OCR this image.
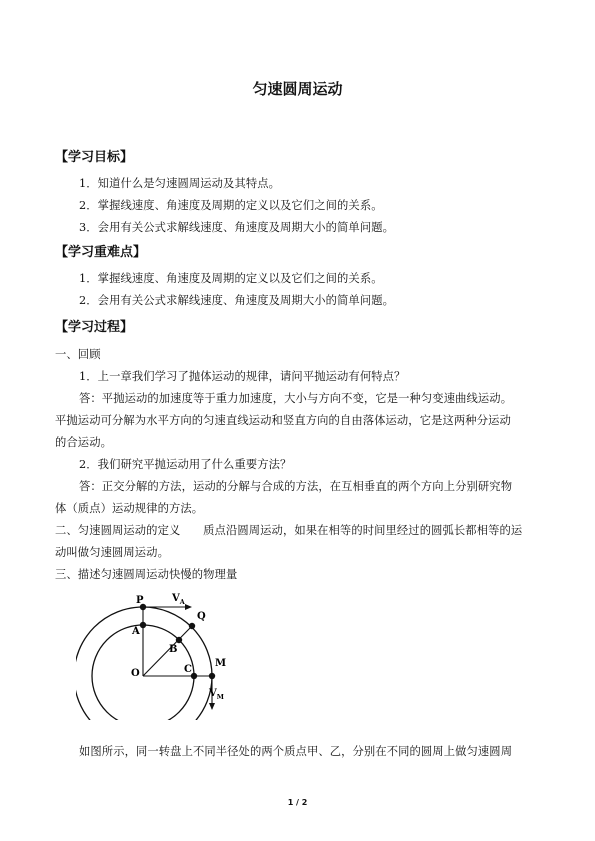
匀速圆周运动
【学习目标】
1．知道什么是匀速圆周运动及其特点。
2．掌握线速度、角速度及周期的定义以及它们之间的关系。
3．会用有关公式求解线速度、角速度及周期大小的简单问题。
【学习重难点】
1．掌握线速度、角速度及周期的定义以及它们之间的关系。
2．会用有关公式求解线速度、角速度及周期大小的简单问题。
【学习过程】
一、回顾
1．上一章我们学习了抛体运动的规律，请问平抛运动有何特点？
答：平抛运动的加速度等于重力加速度，大小与方向不变，它是一种匀变速曲线运动。
平抛运动可分解为水平方向的匀速直线运动和竖直方向的自由落体运动，它是这两种分运动
的合运动。
2．我们研究平抛运动用了什么重要方法？
答：正交分解的方法，运动的分解与合成的方法，在互相垂直的两个方向上分别研究物
体（质点）运动规律的方法。
二、匀速圆周运动的定义　　质点沿圆周运动，如果在相等的时间里经过的圆弧长都相等的运
动叫做匀速圆周运动。
三、描述匀速圆周运动快慢的物理量
P	$V_A$
Q
A
B
C
M
O
$V_M$
如图所示，同一转盘上不同半径处的两个质点甲、乙，分别在不同的圆周上做匀速圆周
1 / 2
